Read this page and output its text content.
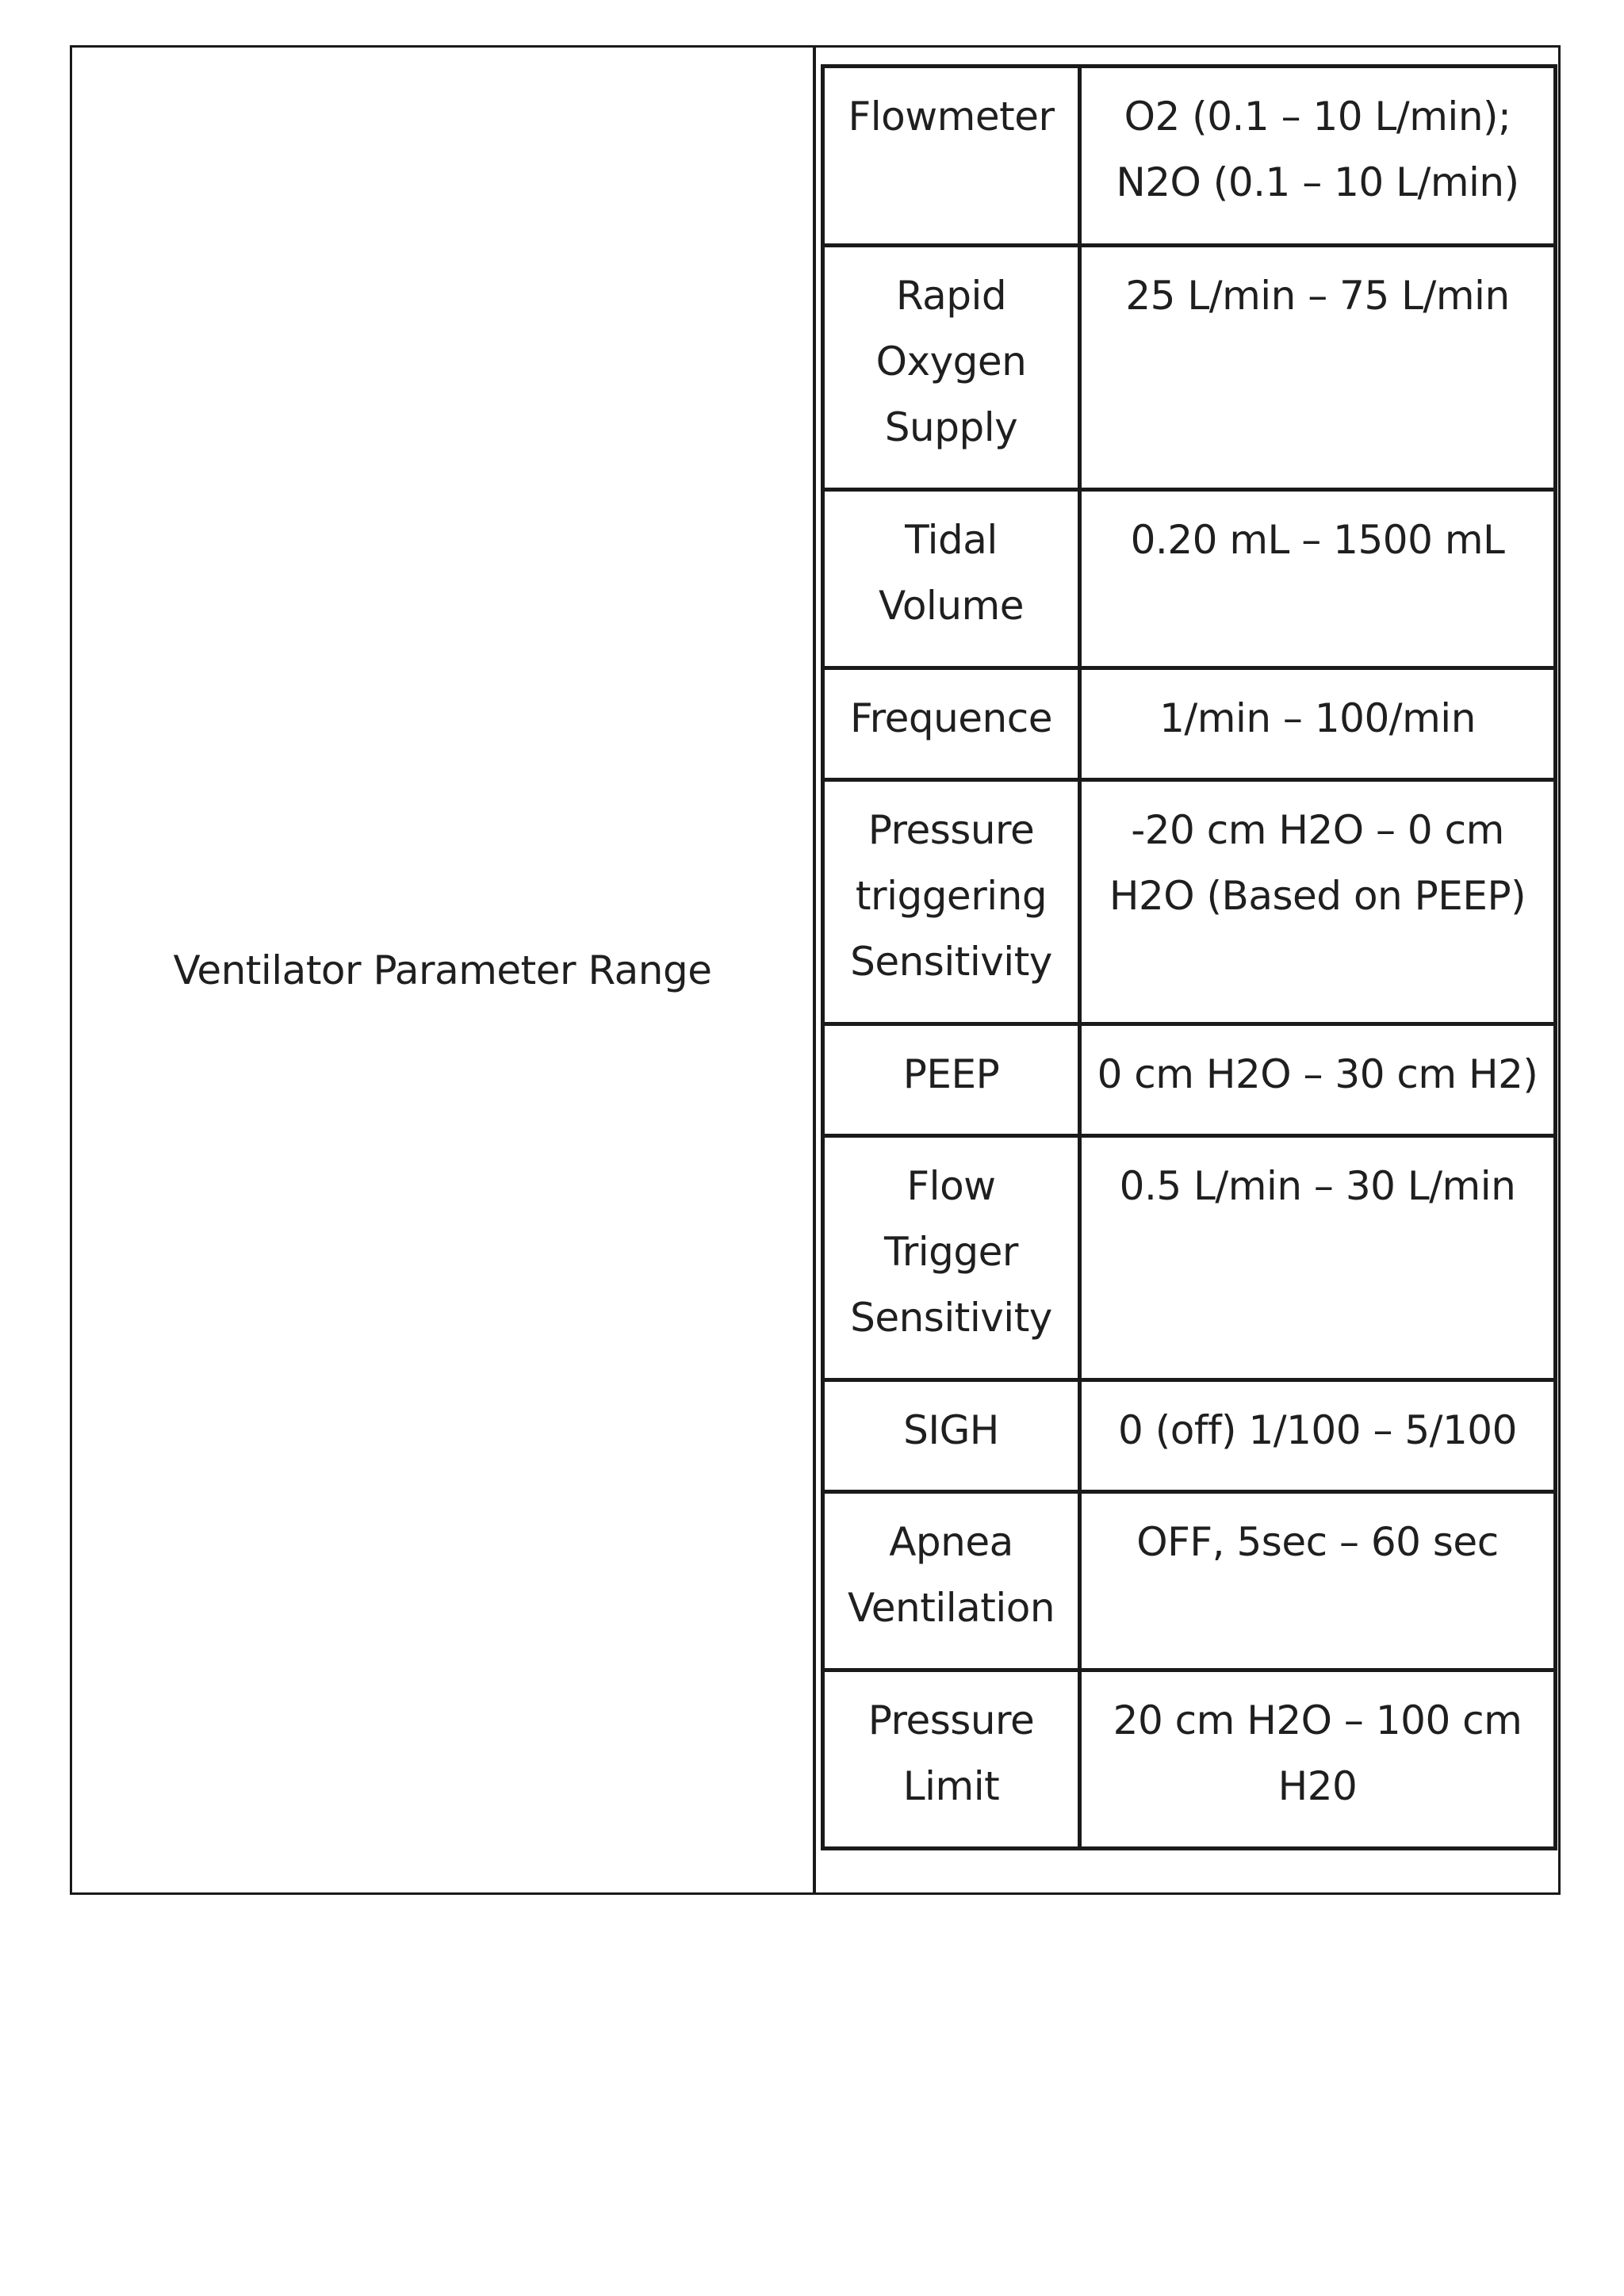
Ventilator Parameter Range
Flowmeter	O2 (0.1 – 10 L/min); N2O (0.1 – 10 L/min)
Rapid Oxygen Supply	25 L/min – 75 L/min
Tidal Volume	0.20 mL – 1500 mL
Frequence	1/min – 100/min
Pressure triggering Sensitivity	-20 cm H2O – 0 cm H2O (Based on PEEP)
PEEP	0 cm H2O – 30 cm H2)
Flow Trigger Sensitivity	0.5 L/min – 30 L/min
SIGH	0 (off) 1/100 – 5/100
Apnea Ventilation	OFF, 5sec – 60 sec
Pressure Limit	20 cm H2O – 100 cm H20
